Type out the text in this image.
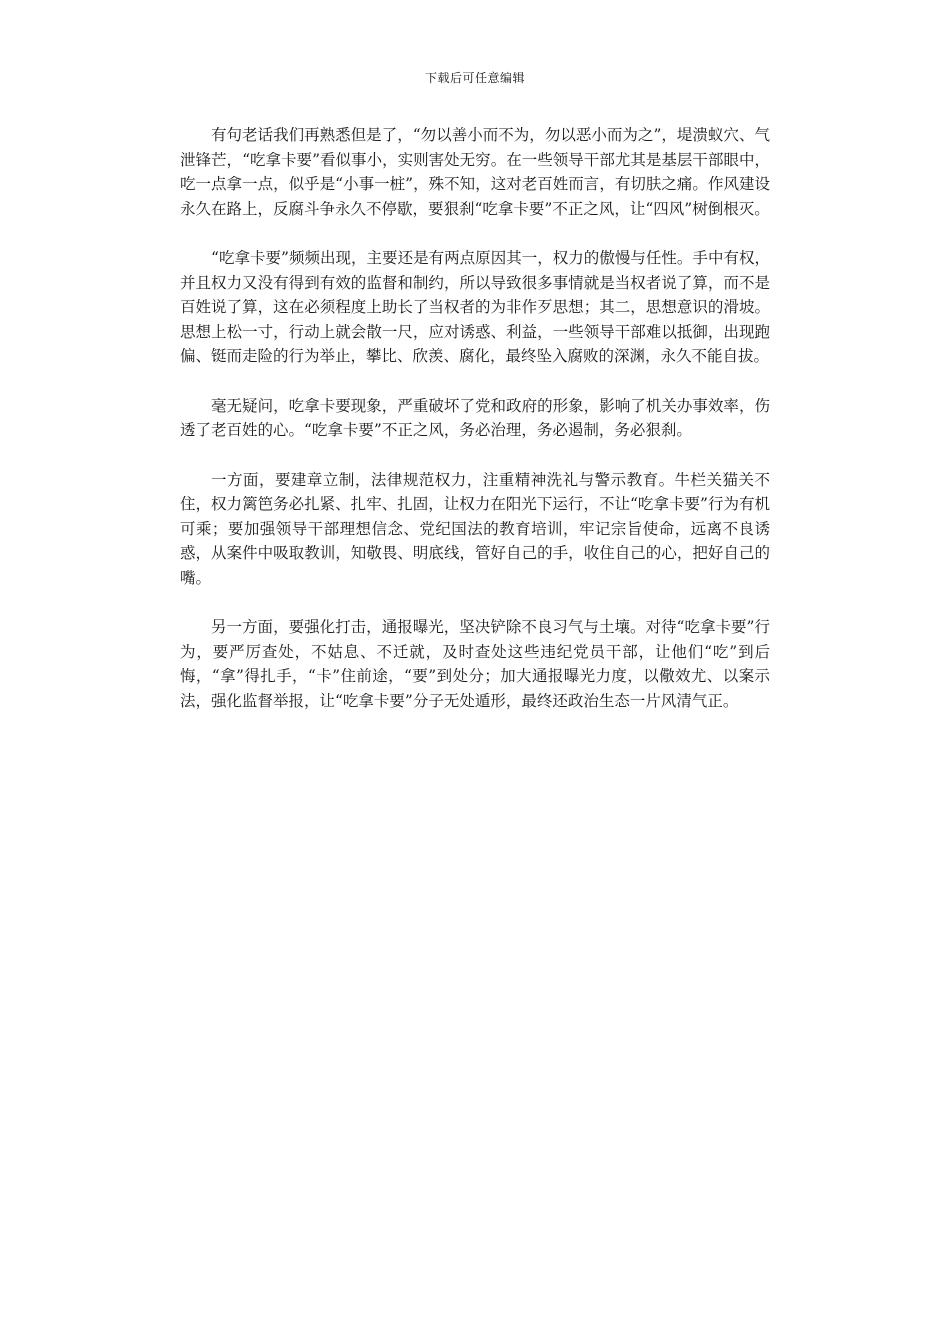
下载后可任意编辑

有句老话我们再熟悉但是了，“勿以善小而不为，勿以恶小而为之”，堤溃蚁穴、气泄锋芒，“吃拿卡要”看似事小，实则害处无穷。在一些领导干部尤其是基层干部眼中，吃一点拿一点，似乎是“小事一桩”，殊不知，这对老百姓而言，有切肤之痛。作风建设永久在路上，反腐斗争永久不停歇，要狠刹“吃拿卡要”不正之风，让“四风”树倒根灭。

“吃拿卡要”频频出现，主要还是有两点原因其一，权力的傲慢与任性。手中有权，并且权力又没有得到有效的监督和制约，所以导致很多事情就是当权者说了算，而不是百姓说了算，这在必须程度上助长了当权者的为非作歹思想；其二，思想意识的滑坡。思想上松一寸，行动上就会散一尺，应对诱惑、利益，一些领导干部难以抵御，出现跑偏、铤而走险的行为举止，攀比、欣羡、腐化，最终坠入腐败的深渊，永久不能自拔。

毫无疑问，吃拿卡要现象，严重破坏了党和政府的形象，影响了机关办事效率，伤透了老百姓的心。“吃拿卡要”不正之风，务必治理，务必遏制，务必狠刹。

一方面，要建章立制，法律规范权力，注重精神洗礼与警示教育。牛栏关猫关不住，权力篱笆务必扎紧、扎牢、扎固，让权力在阳光下运行，不让“吃拿卡要”行为有机可乘；要加强领导干部理想信念、党纪国法的教育培训，牢记宗旨使命，远离不良诱惑，从案件中吸取教训，知敬畏、明底线，管好自己的手，收住自己的心，把好自己的嘴。

另一方面，要强化打击，通报曝光，坚决铲除不良习气与土壤。对待“吃拿卡要”行为，要严厉查处，不姑息、不迁就，及时查处这些违纪党员干部，让他们“吃”到后悔，“拿”得扎手，“卡”住前途，“要”到处分；加大通报曝光力度，以儆效尤、以案示法，强化监督举报，让“吃拿卡要”分子无处遁形，最终还政治生态一片风清气正。
